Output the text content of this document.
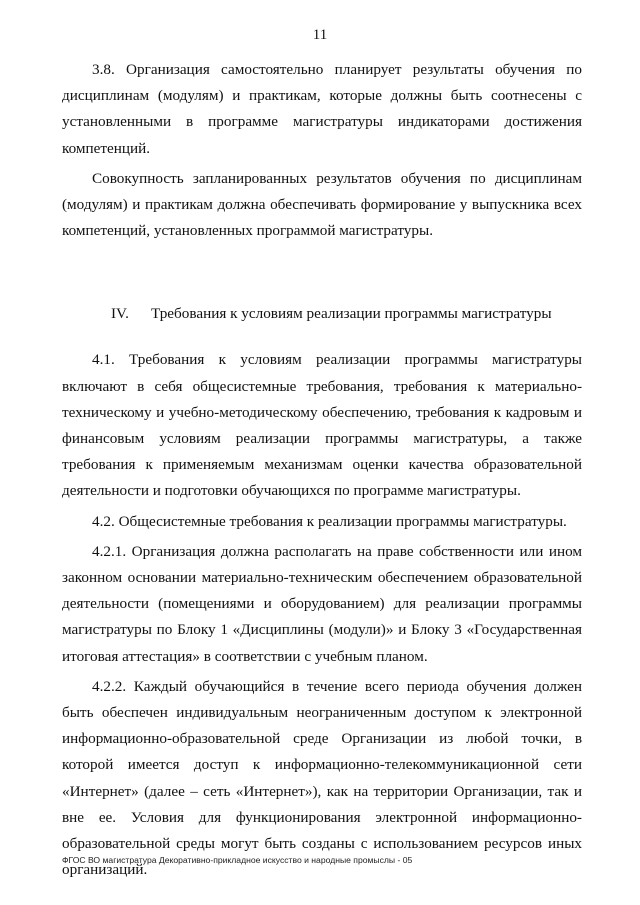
11

3.8. Организация самостоятельно планирует результаты обучения по дисциплинам (модулям) и практикам, которые должны быть соотнесены с установленными в программе магистратуры индикаторами достижения компетенций.

Совокупность запланированных результатов обучения по дисциплинам (модулям) и практикам должна обеспечивать формирование у выпускника всех компетенций, установленных программой магистратуры.

IV. Требования к условиям реализации программы магистратуры

4.1. Требования к условиям реализации программы магистратуры включают в себя общесистемные требования, требования к материально-техническому и учебно-методическому обеспечению, требования к кадровым и финансовым условиям реализации программы магистратуры, а также требования к применяемым механизмам оценки качества образовательной деятельности и подготовки обучающихся по программе магистратуры.

4.2. Общесистемные требования к реализации программы магистратуры.

4.2.1. Организация должна располагать на праве собственности или ином законном основании материально-техническим обеспечением образовательной деятельности (помещениями и оборудованием) для реализации программы магистратуры по Блоку 1 «Дисциплины (модули)» и Блоку 3 «Государственная итоговая аттестация» в соответствии с учебным планом.

4.2.2. Каждый обучающийся в течение всего периода обучения должен быть обеспечен индивидуальным неограниченным доступом к электронной информационно-образовательной среде Организации из любой точки, в которой имеется доступ к информационно-телекоммуникационной сети «Интернет» (далее – сеть «Интернет»), как на территории Организации, так и вне ее. Условия для функционирования электронной информационно-образовательной среды могут быть созданы с использованием ресурсов иных организаций.

ФГОС ВО магистратура Декоративно-прикладное искусство и народные промыслы - 05
